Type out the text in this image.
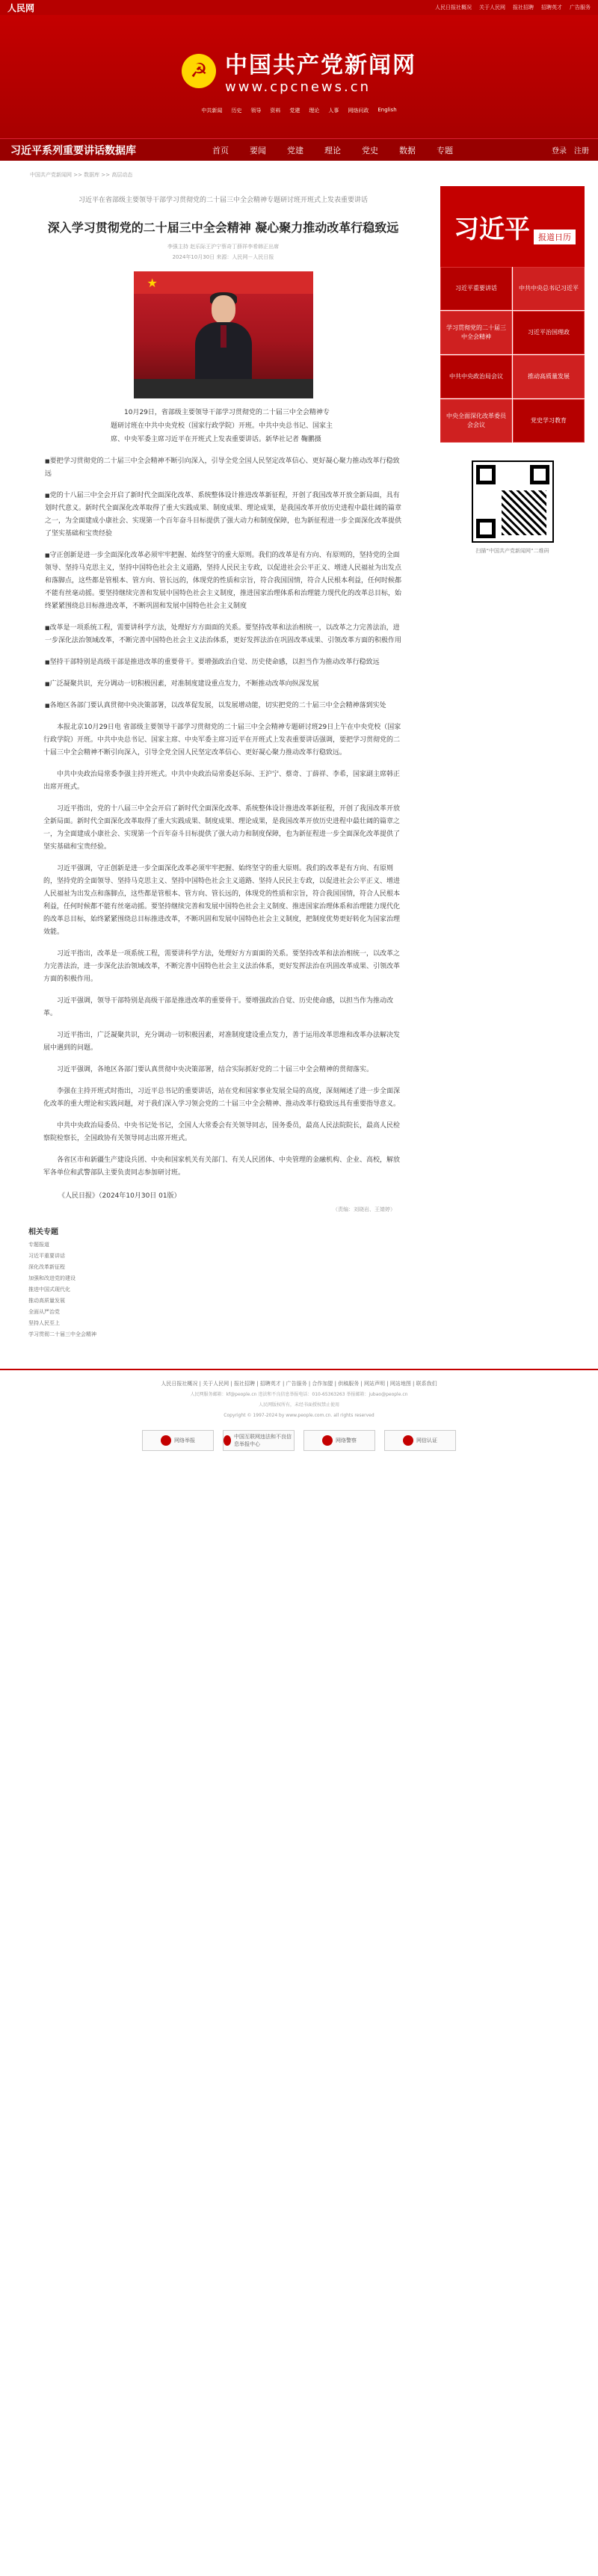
人民网	人民日报社概况 关于人民网 报社招聘 招聘英才 广告服务
☭ 中国共产党新闻网
www.cpcnews.cn
中共新闻 历史 领导 资料 党建 理论 人事 网络问政 English
习近平系列重要讲话数据库	首页	要闻	党建	理论	党史	数据	专题	登录 注册
中国共产党新闻网 >> 数据库 >> 高层动态
习近平在省部级主要领导干部学习贯彻党的二十届三中全会精神专题研讨班开班式上发表重要讲话
深入学习贯彻党的二十届三中全会精神 凝心聚力推动改革行稳致远
李强主持 赵乐际王沪宁蔡奇丁薛祥李希韩正出席
2024年10月30日 来源：人民网－人民日报
★

10月29日，省部级主要领导干部学习贯彻党的二十届三中全会精神专题研讨班在中共中央党校（国家行政学院）开班。中共中央总书记、国家主席、中央军委主席习近平在开班式上发表重要讲话。新华社记者 鞠鹏摄

■ 要把学习贯彻党的二十届三中全会精神不断引向深入，引导全党全国人民坚定改革信心、更好凝心聚力推动改革行稳致远

■ 党的十八届三中全会开启了新时代全面深化改革、系统整体设计推进改革新征程，开创了我国改革开放全新局面，具有划时代意义。新时代全面深化改革取得了重大实践成果、制度成果、理论成果，是我国改革开放历史进程中最壮阔的篇章之一，为全面建成小康社会、实现第一个百年奋斗目标提供了强大动力和制度保障，也为新征程进一步全面深化改革提供了坚实基础和宝贵经验

■ 守正创新是进一步全面深化改革必须牢牢把握、始终坚守的重大原则。我们的改革是有方向、有原则的，坚持党的全面领导、坚持马克思主义，坚持中国特色社会主义道路，坚持人民民主专政，以促进社会公平正义、增进人民福祉为出发点和落脚点，这些都是管根本、管方向、管长远的，体现党的性质和宗旨，符合我国国情，符合人民根本利益，任何时候都不能有丝毫动摇。要坚持继续完善和发展中国特色社会主义制度，推进国家治理体系和治理能力现代化的改革总目标，始终紧紧围绕总目标推进改革，不断巩固和发展中国特色社会主义制度

■ 改革是一项系统工程，需要讲科学方法，处理好方方面面的关系。要坚持改革和法治相统一，以改革之力完善法治，进一步深化法治领域改革，不断完善中国特色社会主义法治体系，更好发挥法治在巩固改革成果、引领改革方面的积极作用

■ 坚持干部特别是高级干部是推进改革的重要骨干。要增强政治自觉、历史使命感，以担当作为推动改革行稳致远

■ 广泛凝聚共识，充分调动一切积极因素，对准制度建设重点发力，不断推动改革向纵深发展

■ 各地区各部门要认真贯彻中央决策部署，以改革促发展，以发展增动能，切实把党的二十届三中全会精神落到实处

本报北京10月29日电 省部级主要领导干部学习贯彻党的二十届三中全会精神专题研讨班29日上午在中央党校（国家行政学院）开班。中共中央总书记、国家主席、中央军委主席习近平在开班式上发表重要讲话强调，要把学习贯彻党的二十届三中全会精神不断引向深入，引导全党全国人民坚定改革信心、更好凝心聚力推动改革行稳致远。

中共中央政治局常委李强主持开班式。中共中央政治局常委赵乐际、王沪宁、蔡奇、丁薛祥、李希，国家副主席韩正出席开班式。

习近平指出，党的十八届三中全会开启了新时代全面深化改革、系统整体设计推进改革新征程，开创了我国改革开放全新局面。新时代全面深化改革取得了重大实践成果、制度成果、理论成果，是我国改革开放历史进程中最壮阔的篇章之一，为全面建成小康社会、实现第一个百年奋斗目标提供了强大动力和制度保障，也为新征程进一步全面深化改革提供了坚实基础和宝贵经验。

习近平强调，守正创新是进一步全面深化改革必须牢牢把握、始终坚守的重大原则。我们的改革是有方向、有原则的，坚持党的全面领导、坚持马克思主义、坚持中国特色社会主义道路、坚持人民民主专政，以促进社会公平正义、增进人民福祉为出发点和落脚点，这些都是管根本、管方向、管长远的，体现党的性质和宗旨，符合我国国情，符合人民根本利益，任何时候都不能有丝毫动摇。要坚持继续完善和发展中国特色社会主义制度、推进国家治理体系和治理能力现代化的改革总目标，始终紧紧围绕总目标推进改革，不断巩固和发展中国特色社会主义制度，把制度优势更好转化为国家治理效能。

习近平指出，改革是一项系统工程，需要讲科学方法，处理好方方面面的关系。要坚持改革和法治相统一，以改革之力完善法治，进一步深化法治领域改革，不断完善中国特色社会主义法治体系，更好发挥法治在巩固改革成果、引领改革方面的积极作用。

习近平强调，领导干部特别是高级干部是推进改革的重要骨干。要增强政治自觉、历史使命感，以担当作为推动改革。

习近平指出，广泛凝聚共识，充分调动一切积极因素，对准制度建设重点发力，善于运用改革思维和改革办法解决发展中遇到的问题。

习近平强调，各地区各部门要认真贯彻中央决策部署，结合实际抓好党的二十届三中全会精神的贯彻落实。

李强在主持开班式时指出，习近平总书记的重要讲话，站在党和国家事业发展全局的高度，深刻阐述了进一步全面深化改革的重大理论和实践问题，对于我们深入学习领会党的二十届三中全会精神、推动改革行稳致远具有重要指导意义。

中共中央政治局委员、中央书记处书记，全国人大常委会有关领导同志，国务委员，最高人民法院院长，最高人民检察院检察长，全国政协有关领导同志出席开班式。

各省区市和新疆生产建设兵团、中央和国家机关有关部门、有关人民团体、中央管理的金融机构、企业、高校，解放军各单位和武警部队主要负责同志参加研讨班。

《人民日报》（2024年10月30日 01版）
（责编：刘晓岩、王婧婷）
相关专题
专题报道
习近平重要讲话
深化改革新征程
加强和改进党的建设
推进中国式现代化
推动高质量发展
全面从严治党
坚持人民至上
学习贯彻二十届三中全会精神
习近平 报道日历
习近平重要讲话	中共中央总书记习近平
学习贯彻党的二十届三中全会精神
习近平治国理政
中共中央政治局会议	推动高质量发展
中央全面深化改革委员会会议
党史学习教育
扫描“中国共产党新闻网”二维码
人民日报社概况 | 关于人民网 | 报社招聘 | 招聘英才 | 广告服务 | 合作加盟 | 供稿服务 | 网站声明 | 网站地图 | 联系我们
人民网服务邮箱：kf@people.cn 违法和不良信息举报电话：010-65363263 举报邮箱：jubao@people.cn
人民网版权所有，未经书面授权禁止使用
Copyright © 1997-2024 by www.people.com.cn. all rights reserved
网络举报
中国互联网违法和不良信息举报中心
网络警察	网信认证
